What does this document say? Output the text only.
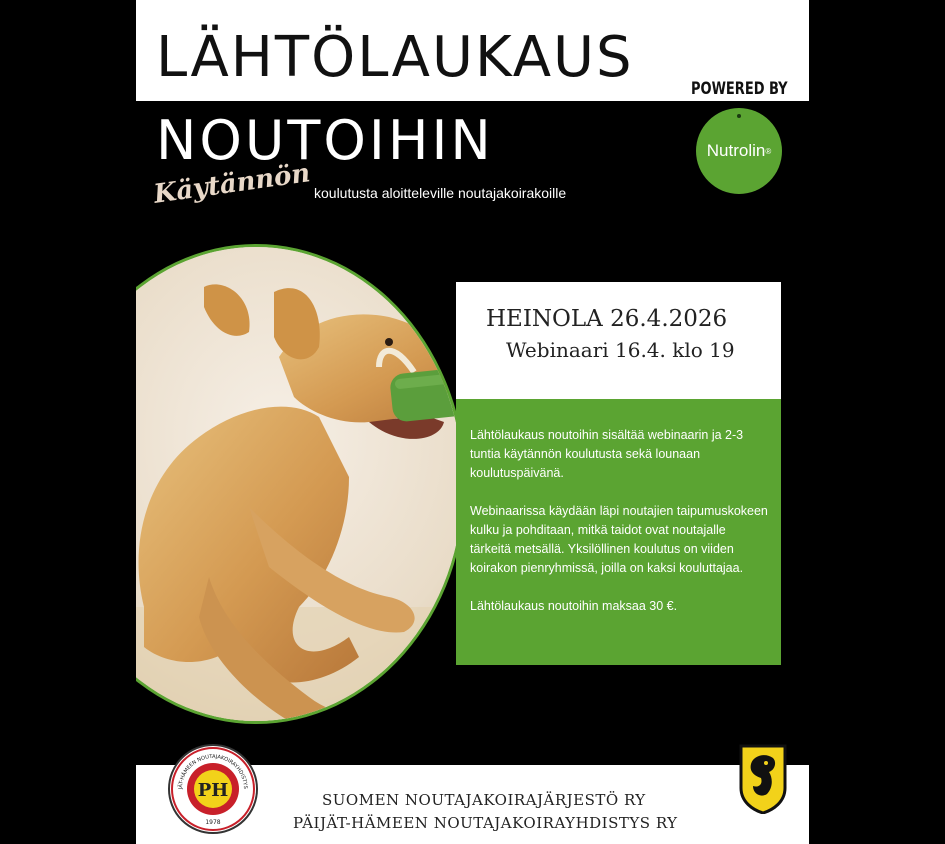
LÄHTÖLAUKAUS	POWERED BY
NOUTOIHIN	Nutrolin ®
Käytännön koulutusta aloitteleville noutajakoirakoille
HEINOLA 26.4.2026
Webinaari 16.4. klo 19

Lähtölaukaus noutoihin sisältää webinaarin ja 2-3 tuntia käytännön koulutusta sekä lounaan koulutuspäivänä.

Webinaarissa käydään läpi noutajien taipumuskokeen kulku ja pohditaan, mitkä taidot ovat noutajalle tärkeitä metsällä. Yksilöllinen koulutus on viiden koirakon pienryhmissä, joilla on kaksi kouluttajaa.

Lähtölaukaus noutoihin maksaa 30 €.

PH
JÄT-HÄMEEN NOUTAJAKOIRAYHDISTYS
1978
SUOMEN NOUTAJAKOIRAJÄRJESTÖ RY
PÄIJÄT-HÄMEEN NOUTAJAKOIRAYHDISTYS RY
